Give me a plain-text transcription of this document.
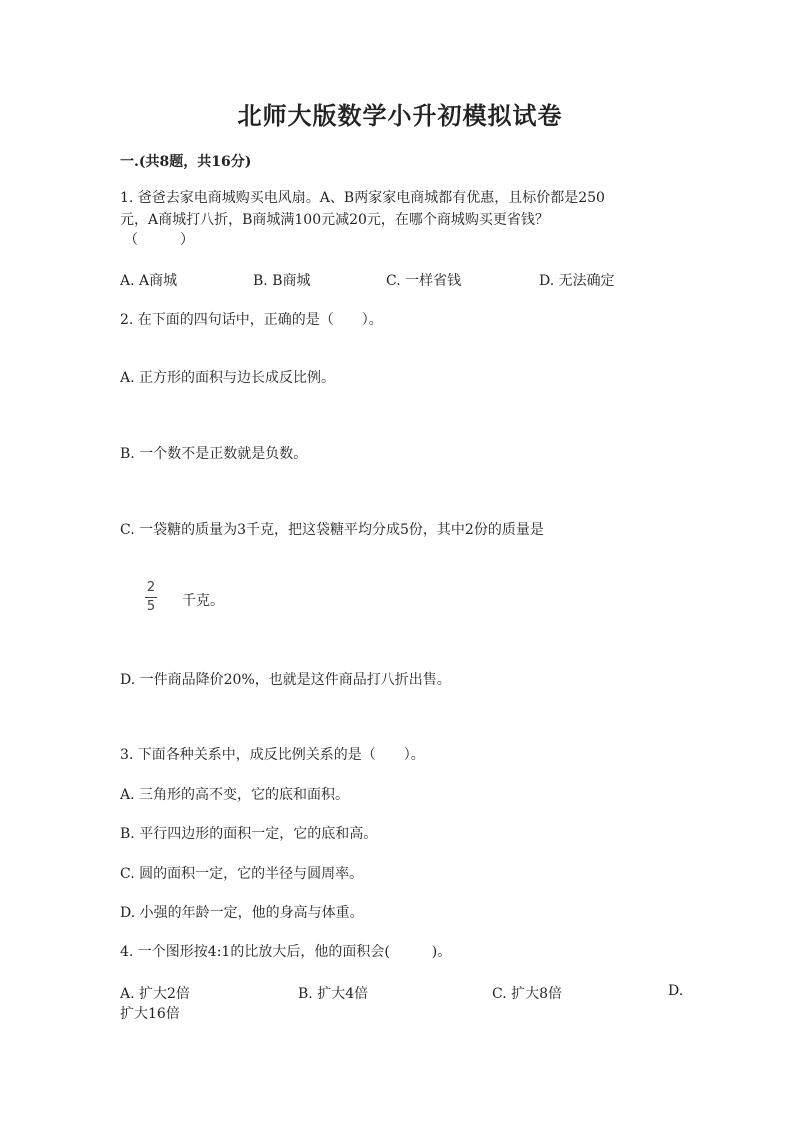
北师大版数学小升初模拟试卷
一.(共8题，共16分)
1. 爸爸去家电商城购买电风扇。A、B两家家电商城都有优惠，且标价都是250
元，A商城打八折，B商城满100元减20元，在哪个商城购买更省钱？
（　　　）
A. A商城	B. B商城	C. 一样省钱	D. 无法确定
2. 在下面的四句话中，正确的是（　　）。
A. 正方形的面积与边长成反比例。
B. 一个数不是正数就是负数。
C. 一袋糖的质量为3千克，把这袋糖平均分成5份，其中2份的质量是
2
5 千克。
D. 一件商品降价20%，也就是这件商品打八折出售。
3. 下面各种关系中，成反比例关系的是（　　）。
A. 三角形的高不变，它的底和面积。
B. 平行四边形的面积一定，它的底和高。
C. 圆的面积一定，它的半径与圆周率。
D. 小强的年龄一定，他的身高与体重。
4. 一个图形按4:1的比放大后，他的面积会(　　　)。
A. 扩大2倍	B. 扩大4倍	C. 扩大8倍	D.
扩大16倍
